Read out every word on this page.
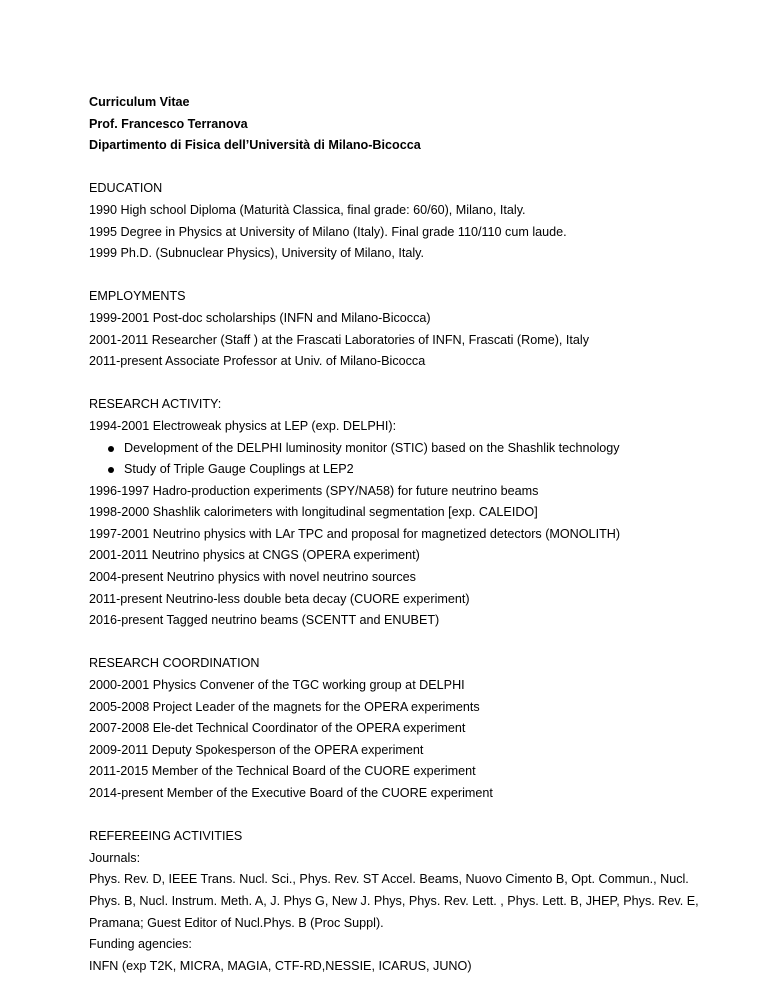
Curriculum Vitae

Prof. Francesco Terranova

Dipartimento di Fisica dell’Università di Milano-Bicocca

EDUCATION

1990 High school Diploma (Maturità Classica, final grade: 60/60), Milano, Italy.

1995 Degree in Physics at University of Milano (Italy). Final grade 110/110 cum laude.

1999 Ph.D. (Subnuclear Physics), University of Milano, Italy.

EMPLOYMENTS

1999-2001 Post-doc scholarships (INFN and Milano-Bicocca)

2001-2011 Researcher (Staff ) at the Frascati Laboratories of INFN, Frascati (Rome), Italy

2011-present Associate Professor at Univ. of Milano-Bicocca

RESEARCH ACTIVITY:

1994-2001 Electroweak physics at LEP (exp. DELPHI):

Development of the DELPHI luminosity monitor (STIC) based on the Shashlik technology
Study of Triple Gauge Couplings at LEP2

1996-1997 Hadro-production experiments (SPY/NA58) for future neutrino beams

1998-2000 Shashlik calorimeters with longitudinal segmentation [exp. CALEIDO]

1997-2001 Neutrino physics with LAr TPC and proposal for magnetized detectors (MONOLITH)

2001-2011 Neutrino physics at CNGS (OPERA experiment)

2004-present Neutrino physics with novel neutrino sources

2011-present Neutrino-less double beta decay (CUORE experiment)

2016-present Tagged neutrino beams (SCENTT and ENUBET)

RESEARCH COORDINATION

2000-2001 Physics Convener of the TGC working group at DELPHI

2005-2008 Project Leader of the magnets for the OPERA experiments

2007-2008 Ele-det Technical Coordinator of the OPERA experiment

2009-2011 Deputy Spokesperson of the OPERA experiment

2011-2015 Member of the Technical Board of the CUORE experiment

2014-present Member of the Executive Board of the CUORE experiment

REFEREEING ACTIVITIES

Journals:

Phys. Rev. D, IEEE Trans. Nucl. Sci., Phys. Rev. ST Accel. Beams, Nuovo Cimento B, Opt. Commun., Nucl. Phys. B, Nucl. Instrum. Meth. A, J. Phys G, New J. Phys, Phys. Rev. Lett. , Phys. Lett. B, JHEP, Phys. Rev. E, Pramana; Guest Editor of Nucl.Phys. B (Proc Suppl).

Funding agencies:

INFN (exp T2K, MICRA, MAGIA, CTF-RD,NESSIE, ICARUS, JUNO)
